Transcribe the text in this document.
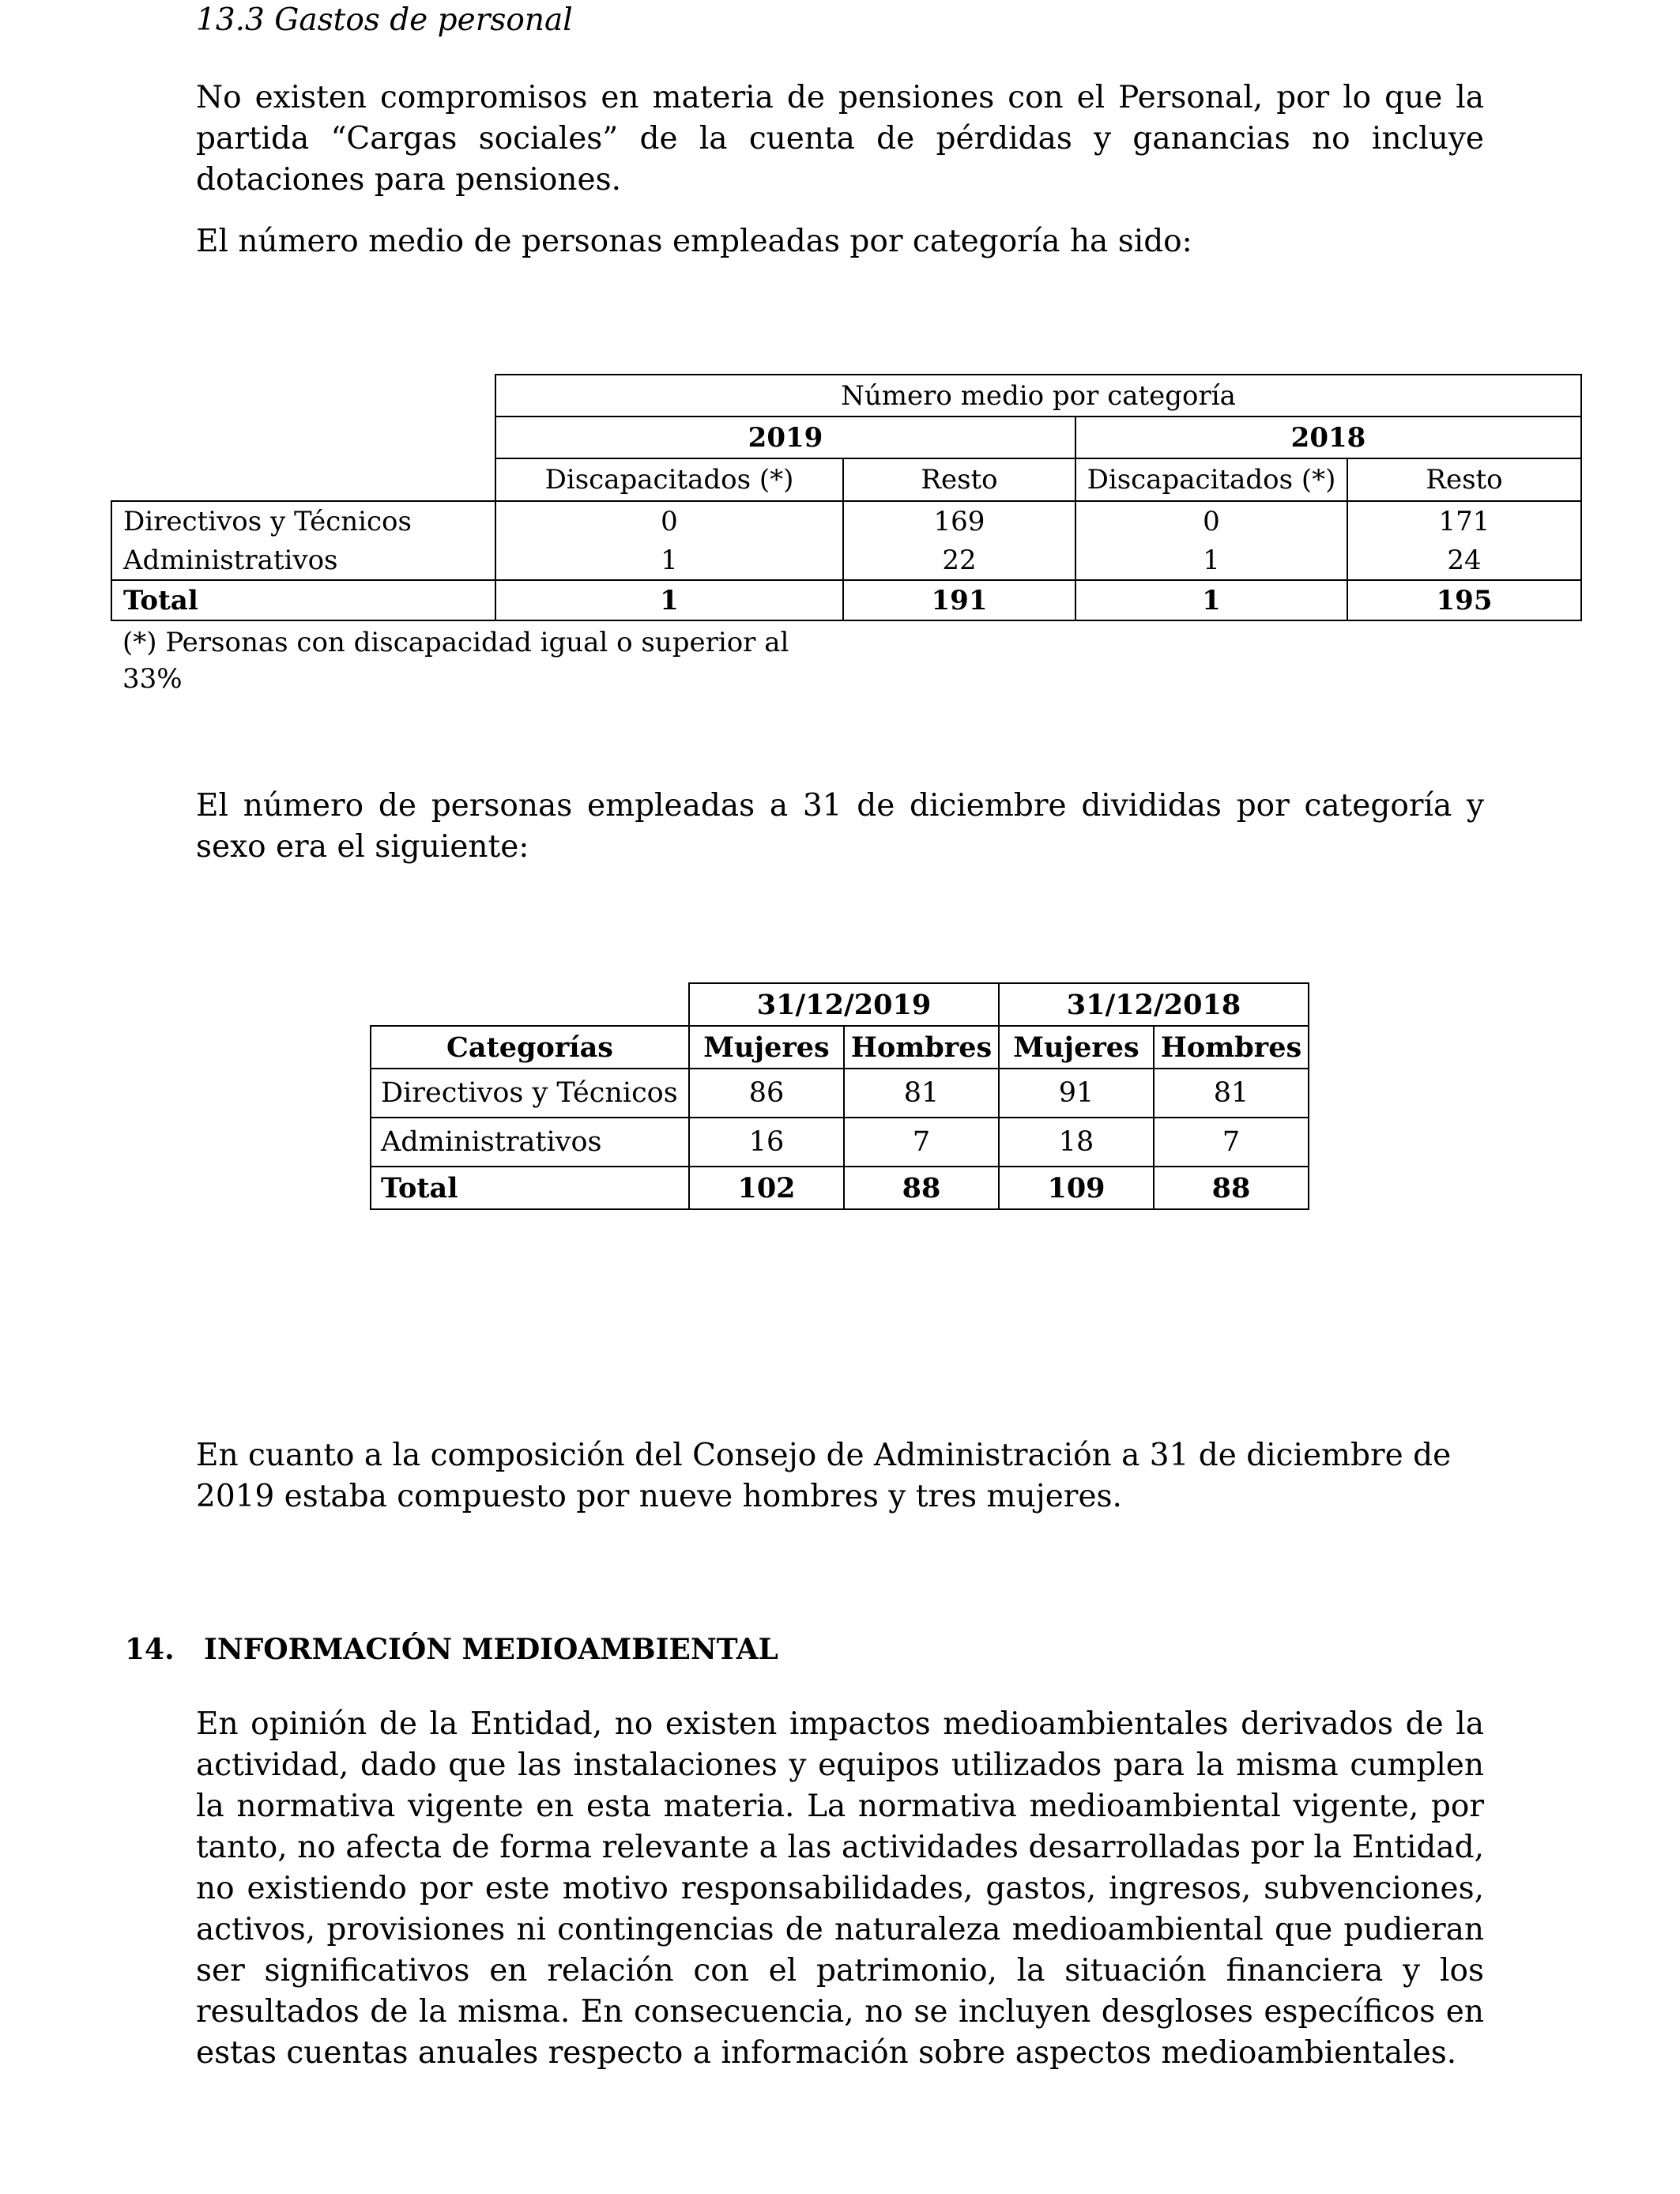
13.3 Gastos de personal

No existen compromisos en materia de pensiones con el Personal, por lo que la partida “Cargas sociales” de la cuenta de pérdidas y ganancias no incluye dotaciones para pensiones.

El número medio de personas empleadas por categoría ha sido:

	Número medio por categoría			
	2019		2018	
	Discapacitados (*)	Resto	Discapacitados (*)	Resto
Directivos y Técnicos	0	169	0	171
Administrativos	1	22	1	24
Total	1	191	1	195
(*) Personas con discapacidad igual o superior al 33%				

El número de personas empleadas a 31 de diciembre divididas por categoría y sexo era el siguiente:

	31/12/2019		31/12/2018	
Categorías	Mujeres	Hombres	Mujeres	Hombres
Directivos y Técnicos	86	81	91	81
Administrativos	16	7	18	7
Total	102	88	109	88

En cuanto a la composición del Consejo de Administración a 31 de diciembre de 2019 estaba compuesto por nueve hombres y tres mujeres.

14. INFORMACIÓN MEDIOAMBIENTAL

En opinión de la Entidad, no existen impactos medioambientales derivados de la actividad, dado que las instalaciones y equipos utilizados para la misma cumplen la normativa vigente en esta materia. La normativa medioambiental vigente, por tanto, no afecta de forma relevante a las actividades desarrolladas por la Entidad, no existiendo por este motivo responsabilidades, gastos, ingresos, subvenciones, activos, provisiones ni contingencias de naturaleza medioambiental que pudieran ser significativos en relación con el patrimonio, la situación financiera y los resultados de la misma. En consecuencia, no se incluyen desgloses específicos en estas cuentas anuales respecto a información sobre aspectos medioambientales.
